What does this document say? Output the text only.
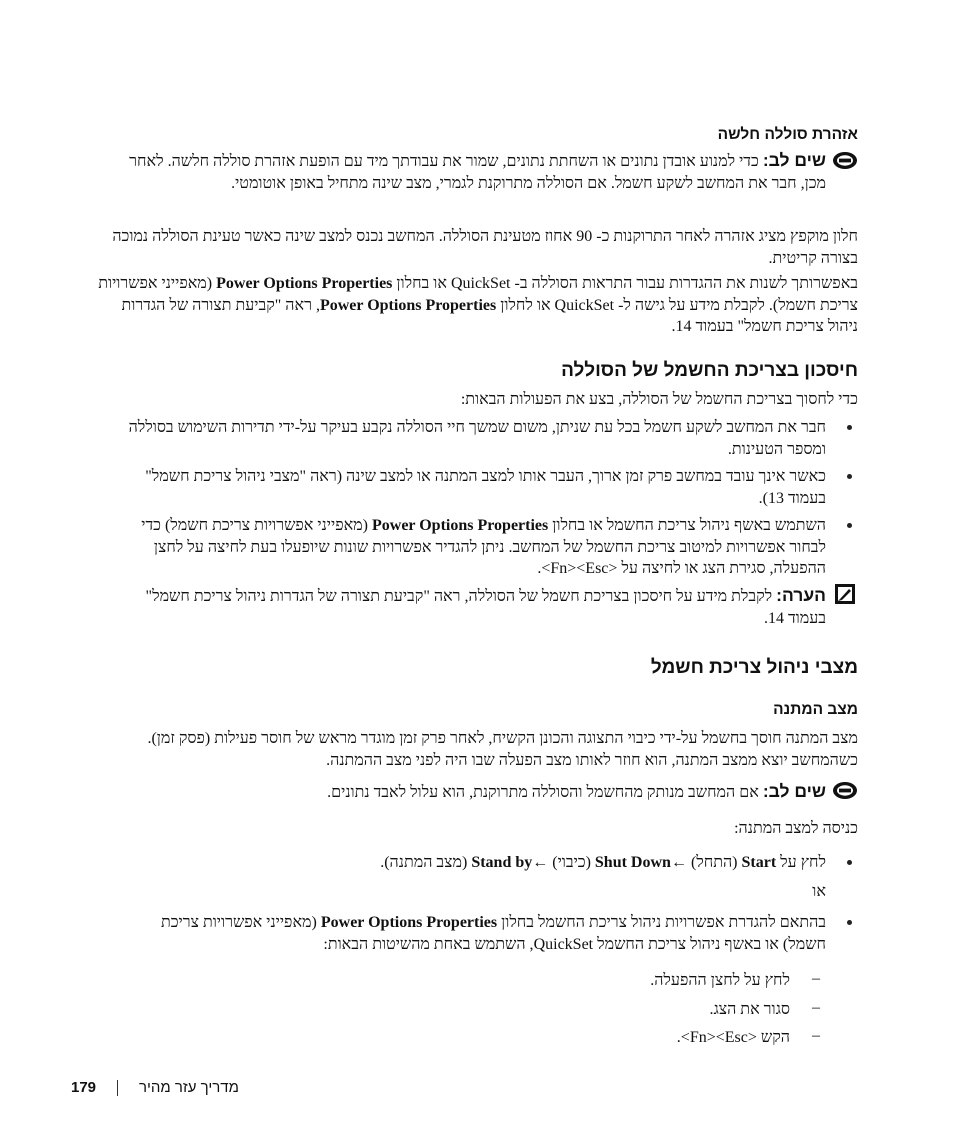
אזהרת סוללה חלשה
שים לב: כדי למנוע אובדן נתונים או השחתת נתונים, שמור את עבודתך מיד עם הופעת אזהרת סוללה חלשה. לאחר מכן, חבר את המחשב לשקע חשמל. אם הסוללה מתרוקנת לגמרי, מצב שינה מתחיל באופן אוטומטי.
חלון מוקפץ מציג אזהרה לאחר התרוקנות כ- 90 אחוז מטעינת הסוללה. המחשב נכנס למצב שינה כאשר טעינת הסוללה נמוכה בצורה קריטית.
באפשרותך לשנות את ההגדרות עבור התראות הסוללה ב- QuickSet או בחלון Power Options Properties (מאפייני אפשרויות צריכת חשמל). לקבלת מידע על גישה ל- QuickSet או לחלון Power Options Properties, ראה "קביעת תצורה של הגדרות ניהול צריכת חשמל" בעמוד 14.
חיסכון בצריכת החשמל של הסוללה
כדי לחסוך בצריכת החשמל של הסוללה, בצע את הפעולות הבאות:
חבר את המחשב לשקע חשמל בכל עת שניתן, משום שמשך חיי הסוללה נקבע בעיקר על-ידי תדירות השימוש בסוללה ומספר הטעינות.
כאשר אינך עובד במחשב פרק זמן ארוך, העבר אותו למצב המתנה או למצב שינה (ראה "מצבי ניהול צריכת חשמל" בעמוד 13).
השתמש באשף ניהול צריכת החשמל או בחלון Power Options Properties (מאפייני אפשרויות צריכת חשמל) כדי לבחור אפשרויות למיטוב צריכת החשמל של המחשב. ניתן להגדיר אפשרויות שונות שיופעלו בעת לחיצה על לחצן ההפעלה, סגירת הצג או לחיצה על <Fn><Esc>.
הערה: לקבלת מידע על חיסכון בצריכת חשמל של הסוללה, ראה "קביעת תצורה של הגדרות ניהול צריכת חשמל" בעמוד 14.
מצבי ניהול צריכת חשמל
מצב המתנה
מצב המתנה חוסך בחשמל על-ידי כיבוי התצוגה והכונן הקשיח, לאחר פרק זמן מוגדר מראש של חוסר פעילות (פסק זמן). כשהמחשב יוצא ממצב המתנה, הוא חוזר לאותו מצב הפעלה שבו היה לפני מצב ההמתנה.
שים לב: אם המחשב מנותק מהחשמל והסוללה מתרוקנת, הוא עלול לאבד נתונים.
כניסה למצב המתנה:
לחץ על Start (התחל) ←Shut Down (כיבוי) ←Stand by (מצב המתנה).
או
בהתאם להגדרת אפשרויות ניהול צריכת החשמל בחלון Power Options Properties (מאפייני אפשרויות צריכת חשמל) או באשף ניהול צריכת החשמל QuickSet, השתמש באחת מהשיטות הבאות:
–
לחץ על לחצן ההפעלה.
–
סגור את הצג.
–
הקש <Fn><Esc>.
179	מדריך עזר מהיר
